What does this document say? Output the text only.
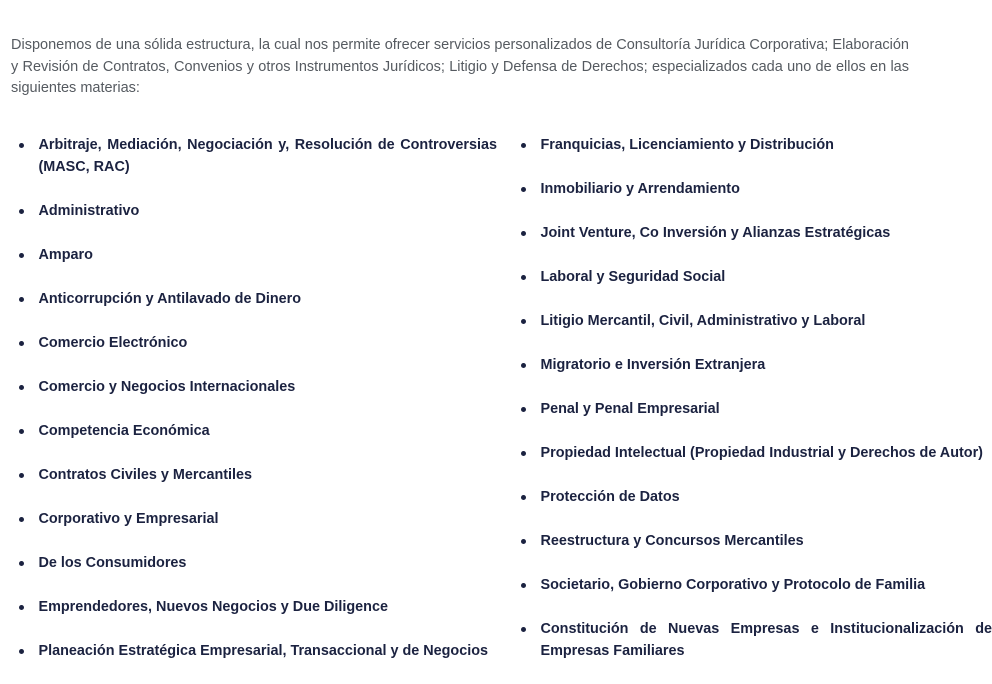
Disponemos de una sólida estructura, la cual nos permite ofrecer servicios personalizados de Consultoría Jurídica Corporativa; Elaboración y Revisión de Contratos, Convenios y otros Instrumentos Jurídicos; Litigio y Defensa de Derechos; especializados cada uno de ellos en las siguientes materias:

Arbitraje, Mediación, Negociación y, Resolución de Controversias (MASC, RAC)
Administrativo
Amparo
Anticorrupción y Antilavado de Dinero
Comercio Electrónico
Comercio y Negocios Internacionales
Competencia Económica
Contratos Civiles y Mercantiles
Corporativo y Empresarial
De los Consumidores
Emprendedores, Nuevos Negocios y Due Diligence
Planeación Estratégica Empresarial, Transaccional y de Negocios
Franquicias, Licenciamiento y Distribución
Inmobiliario y Arrendamiento
Joint Venture, Co Inversión y Alianzas Estratégicas
Laboral y Seguridad Social
Litigio Mercantil, Civil, Administrativo y Laboral
Migratorio e Inversión Extranjera
Penal y Penal Empresarial
Propiedad Intelectual (Propiedad Industrial y Derechos de Autor)
Protección de Datos
Reestructura y Concursos Mercantiles
Societario, Gobierno Corporativo y Protocolo de Familia
Constitución de Nuevas Empresas e Institucionalización de Empresas Familiares
